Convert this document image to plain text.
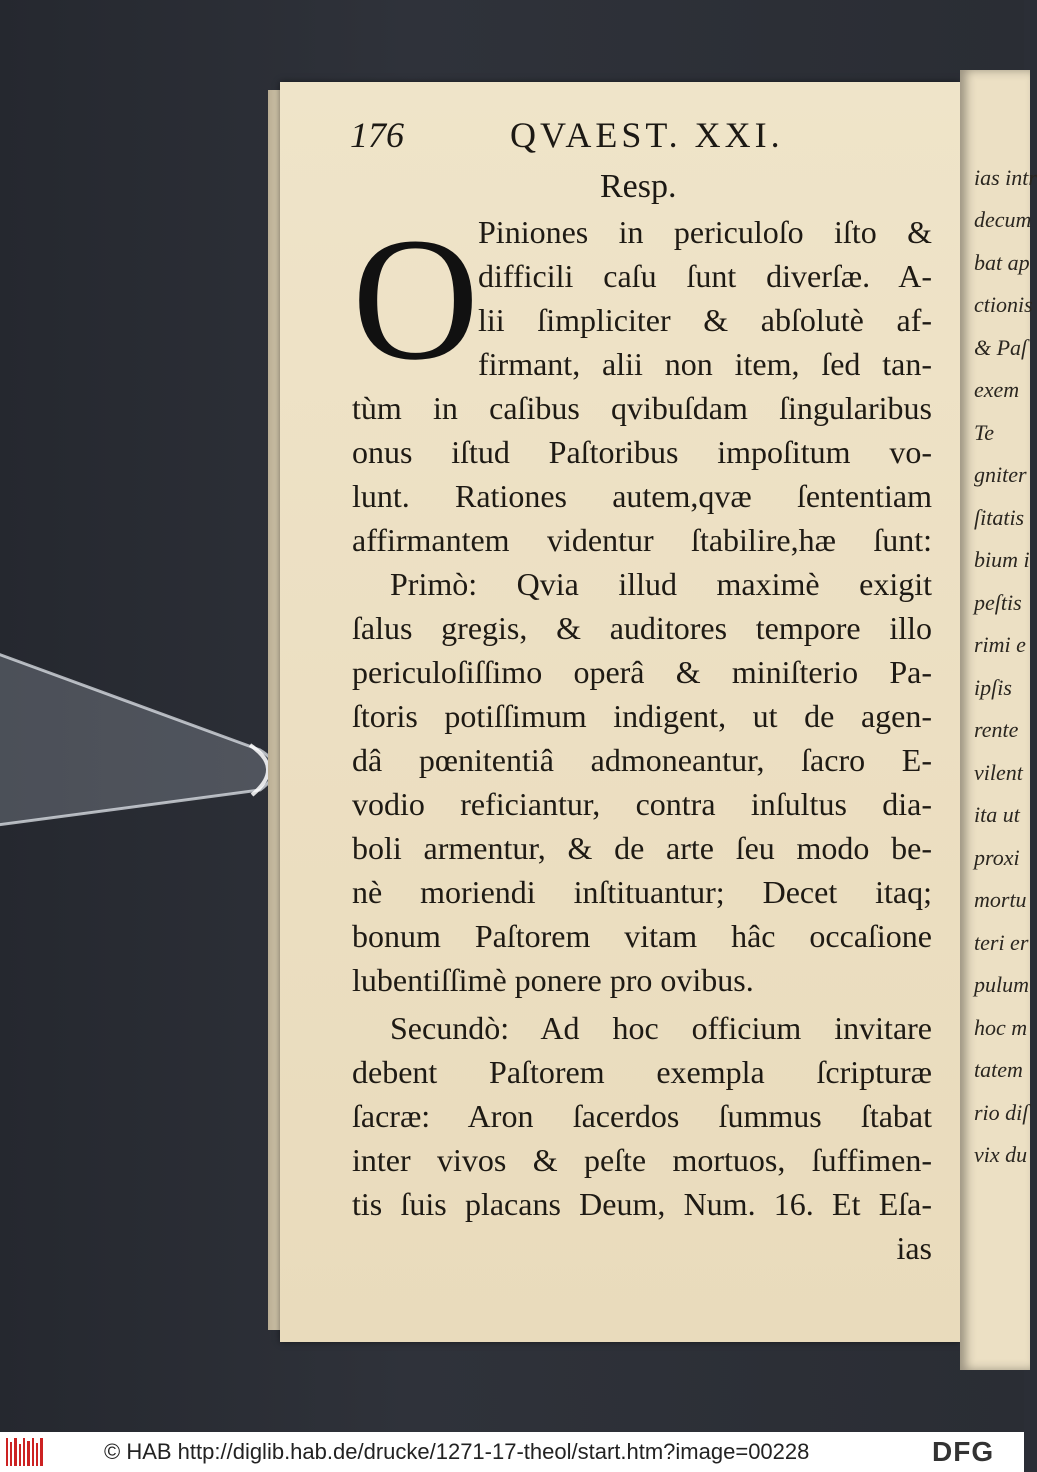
176	QVAEST. XXI.
Resp.
O
Piniones in periculoſo iſto &
difficili caſu ſunt diverſæ. A-
lii ſimpliciter & abſolutè af-
firmant, alii non item, ſed tan-
tùm in caſibus qvibuſdam ſingularibus
onus iſtud Paſtoribus impoſitum vo-
lunt. Rationes autem,qvæ ſententiam
affirmantem videntur ſtabilire,hæ ſunt:
Primò: Qvia illud maximè exigit
ſalus gregis, & auditores tempore illo
periculoſiſſimo operâ & miniſterio Pa-
ſtoris potiſſimum indigent, ut de agen-
dâ pœnitentiâ admoneantur, ſacro E-
vodio reficiantur, contra inſultus dia-
boli armentur, & de arte ſeu modo be-
nè moriendi inſtituantur; Decet itaq;
bonum Paſtorem vitam hâc occaſione
lubentiſſimè ponere pro ovibus.
Secundò: Ad hoc officium invitare
debent Paſtorem exempla ſcripturæ
ſacræ: Aron ſacerdos ſummus ſtabat
inter vivos & peſte mortuos, ſuffimen-
tis ſuis placans Deum, Num. 16. Et Eſa-
ias
ias intr
decum
bat ap
ctionis
& Paſ
exem
Te
gniter
ſitatis
bium i
peſtis
rimi e
ipſis
rente
vilent
ita ut
proxi
mortu
teri er
pulum
hoc m
tatem
rio diſ
vix du
© HAB http://diglib.hab.de/drucke/1271-17-theol/start.htm?image=00228	DFG
